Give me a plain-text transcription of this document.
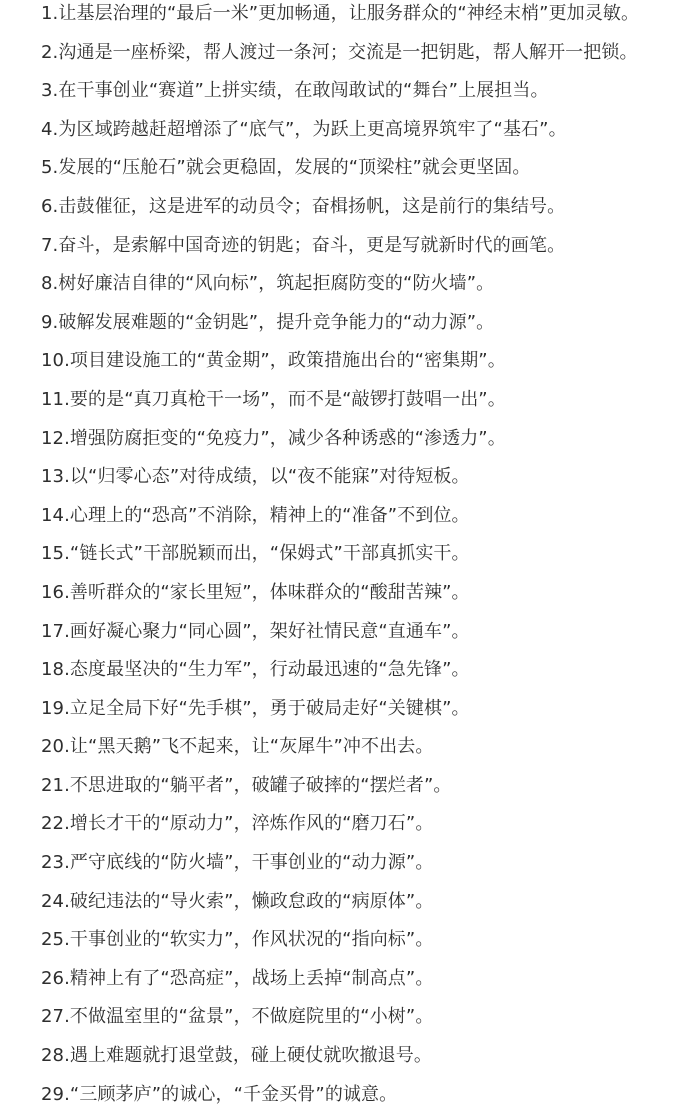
1.让基层治理的“最后一米”更加畅通，让服务群众的“神经末梢”更加灵敏。
2.沟通是一座桥梁，帮人渡过一条河；交流是一把钥匙，帮人解开一把锁。
3.在干事创业“赛道”上拼实绩，在敢闯敢试的“舞台”上展担当。
4.为区域跨越赶超增添了“底气”，为跃上更高境界筑牢了“基石”。
5.发展的“压舱石”就会更稳固，发展的“顶梁柱”就会更坚固。
6.击鼓催征，这是进军的动员令；奋楫扬帆，这是前行的集结号。
7.奋斗，是索解中国奇迹的钥匙；奋斗，更是写就新时代的画笔。
8.树好廉洁自律的“风向标”，筑起拒腐防变的“防火墙”。
9.破解发展难题的“金钥匙”，提升竞争能力的“动力源”。
10.项目建设施工的“黄金期”，政策措施出台的“密集期”。
11.要的是“真刀真枪干一场”，而不是“敲锣打鼓唱一出”。
12.增强防腐拒变的“免疫力”，减少各种诱惑的“渗透力”。
13.以“归零心态”对待成绩，以“夜不能寐”对待短板。
14.心理上的“恐高”不消除，精神上的“准备”不到位。
15.“链长式”干部脱颖而出，“保姆式”干部真抓实干。
16.善听群众的“家长里短”，体味群众的“酸甜苦辣”。
17.画好凝心聚力“同心圆”，架好社情民意“直通车”。
18.态度最坚决的“生力军”，行动最迅速的“急先锋”。
19.立足全局下好“先手棋”，勇于破局走好“关键棋”。
20.让“黑天鹅”飞不起来，让“灰犀牛”冲不出去。
21.不思进取的“躺平者”，破罐子破摔的“摆烂者”。
22.增长才干的“原动力”，淬炼作风的“磨刀石”。
23.严守底线的“防火墙”，干事创业的“动力源”。
24.破纪违法的“导火索”，懒政怠政的“病原体”。
25.干事创业的“软实力”，作风状况的“指向标”。
26.精神上有了“恐高症”，战场上丢掉“制高点”。
27.不做温室里的“盆景”，不做庭院里的“小树”。
28.遇上难题就打退堂鼓，碰上硬仗就吹撤退号。
29.“三顾茅庐”的诚心，“千金买骨”的诚意。
